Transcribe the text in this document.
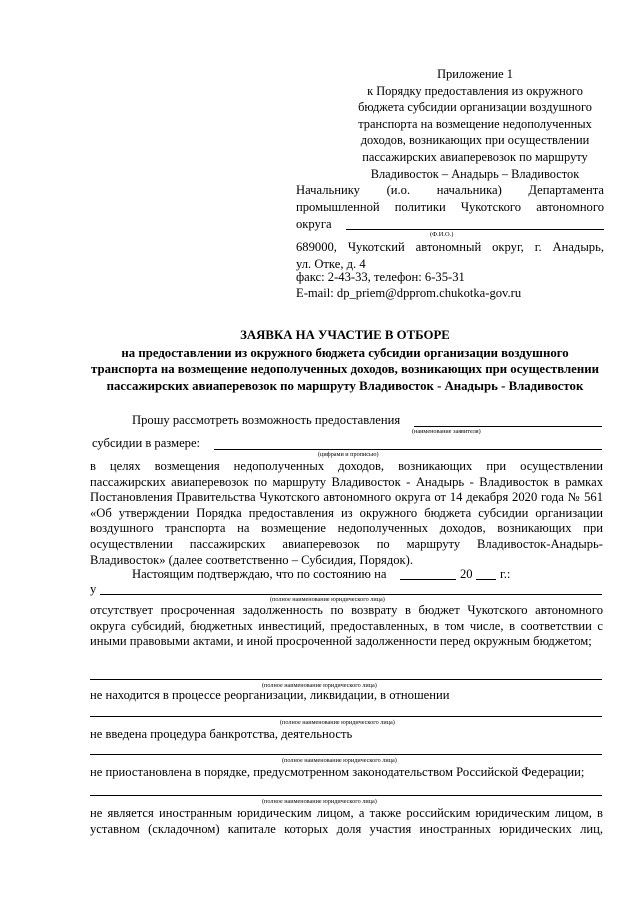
Приложение 1
к Порядку предоставления из окружного
бюджета субсидии организации воздушного
транспорта на возмещение недополученных
доходов, возникающих при осуществлении
пассажирских авиаперевозок по маршруту
Владивосток – Анадырь – Владивосток
Начальнику (и.о. начальника) Департамента
промышленной политики Чукотского автономного
округа
(Ф.И.О.)
689000, Чукотский автономный округ, г. Анадырь,
ул. Отке, д. 4
факс: 2-43-33, телефон: 6-35-31
E-mail: dp_priem@dpprom.chukotka-gov.ru
ЗАЯВКА НА УЧАСТИЕ В ОТБОРЕ
на предоставлении из окружного бюджета субсидии организации воздушного транспорта на возмещение недополученных доходов, возникающих при осуществлении пассажирских авиаперевозок по маршруту Владивосток - Анадырь - Владивосток
Прошу рассмотреть возможность предоставления
(наименование заявителя)
субсидии в размере:
(цифрами и прописью)
в целях возмещения недополученных доходов, возникающих при осуществлении пассажирских авиаперевозок по маршруту Владивосток - Анадырь - Владивосток в рамках Постановления Правительства Чукотского автономного округа от 14 декабря 2020 года № 561 «Об утверждении Порядка предоставления из окружного бюджета субсидии организации воздушного транспорта на возмещение недополученных доходов, возникающих при осуществлении пассажирских авиаперевозок по маршруту Владивосток-Анадырь-Владивосток» (далее соответственно – Субсидия, Порядок).
Настоящим подтверждаю, что по состоянию на	20	г.:
у
(полное наименование юридического лица)
отсутствует просроченная задолженность по возврату в бюджет Чукотского автономного округа субсидий, бюджетных инвестиций, предоставленных, в том числе, в соответствии с иными правовыми актами, и иной просроченной задолженности перед окружным бюджетом;
(полное наименование юридического лица)
не находится в процессе реорганизации, ликвидации, в отношении
(полное наименование юридического лица)
не введена процедура банкротства, деятельность
(полное наименование юридического лица)
не приостановлена в порядке, предусмотренном законодательством Российской Федерации;
(полное наименование юридического лица)
не является иностранным юридическим лицом, а также российским юридическим лицом, в уставном (складочном) капитале которых доля участия иностранных юридических лиц,
